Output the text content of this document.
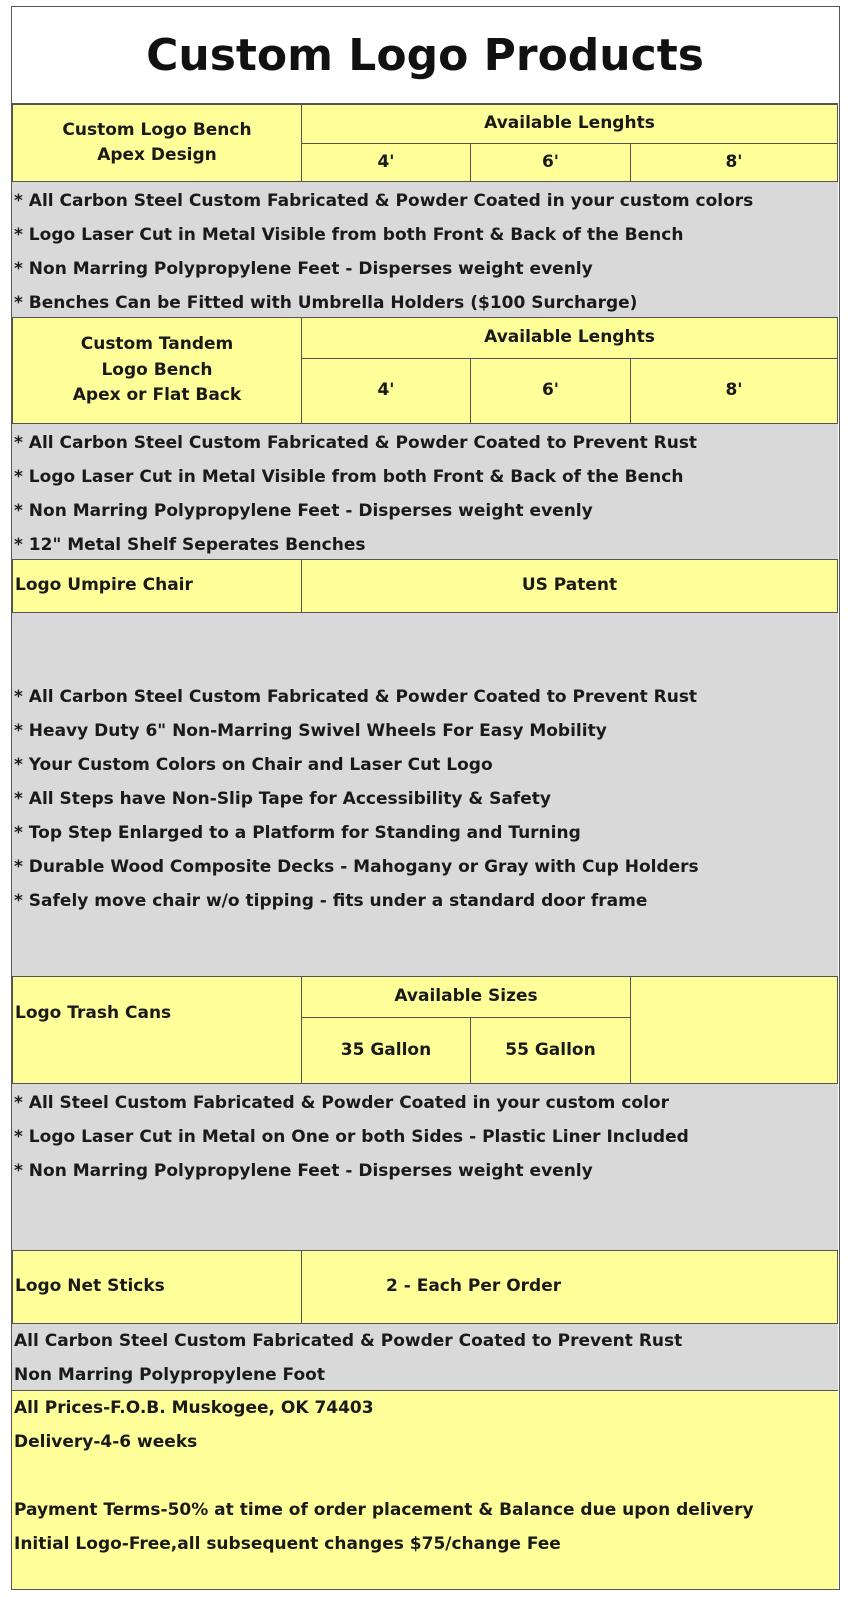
Custom Logo Products
Custom Logo Bench
Apex Design
Available Lenghts
4'	6'	8'
* All Carbon Steel Custom Fabricated & Powder Coated in your custom colors
* Logo Laser Cut in Metal Visible from both Front & Back of the Bench
* Non Marring Polypropylene Feet - Disperses weight evenly
* Benches Can be Fitted with Umbrella Holders ($100 Surcharge)
Custom Tandem
Logo Bench
Apex or Flat Back
Available Lenghts
4'	6'	8'
* All Carbon Steel Custom Fabricated & Powder Coated to Prevent Rust
* Logo Laser Cut in Metal Visible from both Front & Back of the Bench
* Non Marring Polypropylene Feet - Disperses weight evenly
* 12" Metal Shelf Seperates Benches
Logo Umpire Chair	US Patent
* All Carbon Steel Custom Fabricated & Powder Coated to Prevent Rust
* Heavy Duty 6" Non-Marring Swivel Wheels For Easy Mobility
* Your Custom Colors on Chair and Laser Cut Logo
* All Steps have Non-Slip Tape for Accessibility & Safety
* Top Step Enlarged to a Platform for Standing and Turning
* Durable Wood Composite Decks - Mahogany or Gray with Cup Holders
* Safely move chair w/o tipping - fits under a standard door frame
Logo Trash Cans
Available Sizes
35 Gallon	55 Gallon
* All Steel Custom Fabricated & Powder Coated in your custom color
* Logo Laser Cut in Metal on One or both Sides - Plastic Liner Included
* Non Marring Polypropylene Feet - Disperses weight evenly
Logo Net Sticks	2 - Each Per Order
All Carbon Steel Custom Fabricated & Powder Coated to Prevent Rust
Non Marring Polypropylene Foot
All Prices-F.O.B. Muskogee, OK 74403
Delivery-4-6 weeks
Payment Terms-50% at time of order placement & Balance due upon delivery
Initial Logo-Free,all subsequent changes $75/change Fee
